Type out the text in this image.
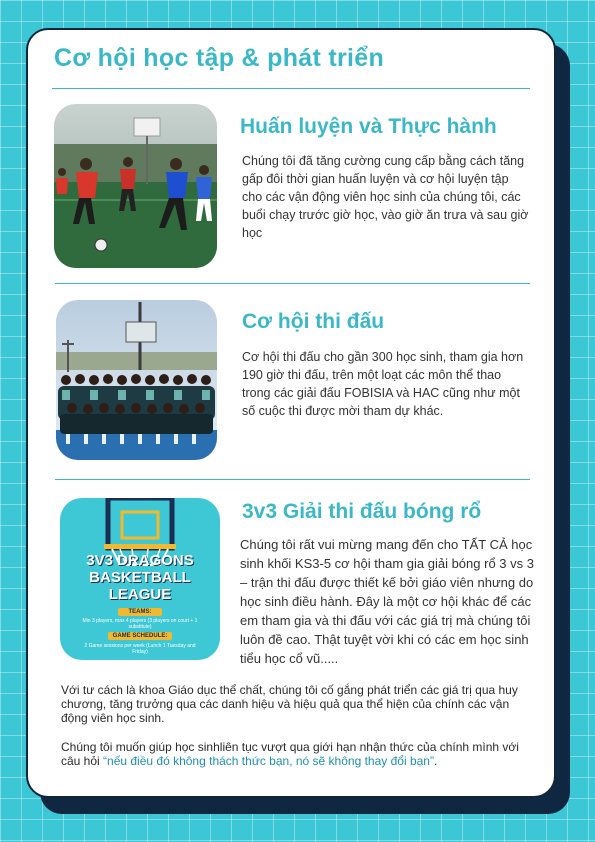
Cơ hội học tập & phát triển
Huấn luyện và Thực hành

Chúng tôi đã tăng cường cung cấp bằng cách tăng gấp đôi thời gian huấn luyện và cơ hội luyện tập cho các vận động viên học sinh của chúng tôi, các buổi chạy trước giờ học, vào giờ ăn trưa và sau giờ học

Cơ hội thi đấu

Cơ hội thi đấu cho gần 300 học sinh, tham gia hơn 190 giờ thi đấu, trên một loạt các môn thể thao trong các giải đấu FOBISIA và HAC cũng như một số cuộc thi được mời tham dự khác.

3V3 DRAGONS
BASKETBALL
LEAGUE
TEAMS:
Min 3 players, max 4 players (3 players on court + 1 substitute)
GAME SCHEDULE:
2 Game sessions per week (Lunch 1 Tuesday and Friday)
3v3 Giải thi đấu bóng rổ

Chúng tôi rất vui mừng mang đến cho TẤT CẢ học sinh khối KS3-5 cơ hội tham gia giải bóng rổ 3 vs 3 – trận thi đấu được thiết kế bởi giáo viên nhưng do học sinh điều hành. Đây là một cơ hội khác để các em tham gia và thi đấu với các giá trị mà chúng tôi luôn đề cao. Thật tuyệt vời khi có các em học sinh tiểu học cổ vũ.....

Với tư cách là khoa Giáo dục thể chất, chúng tôi cố gắng phát triển các giá trị qua huy chương, tăng trưởng qua các danh hiệu và hiệu quả qua thể hiện của chính các vận động viên học sinh.

Chúng tôi muốn giúp học sinhliên tục vượt qua giới hạn nhận thức của chính mình với câu hỏi “nếu điều đó không thách thức bạn, nó sẽ không thay đổi bạn”.
